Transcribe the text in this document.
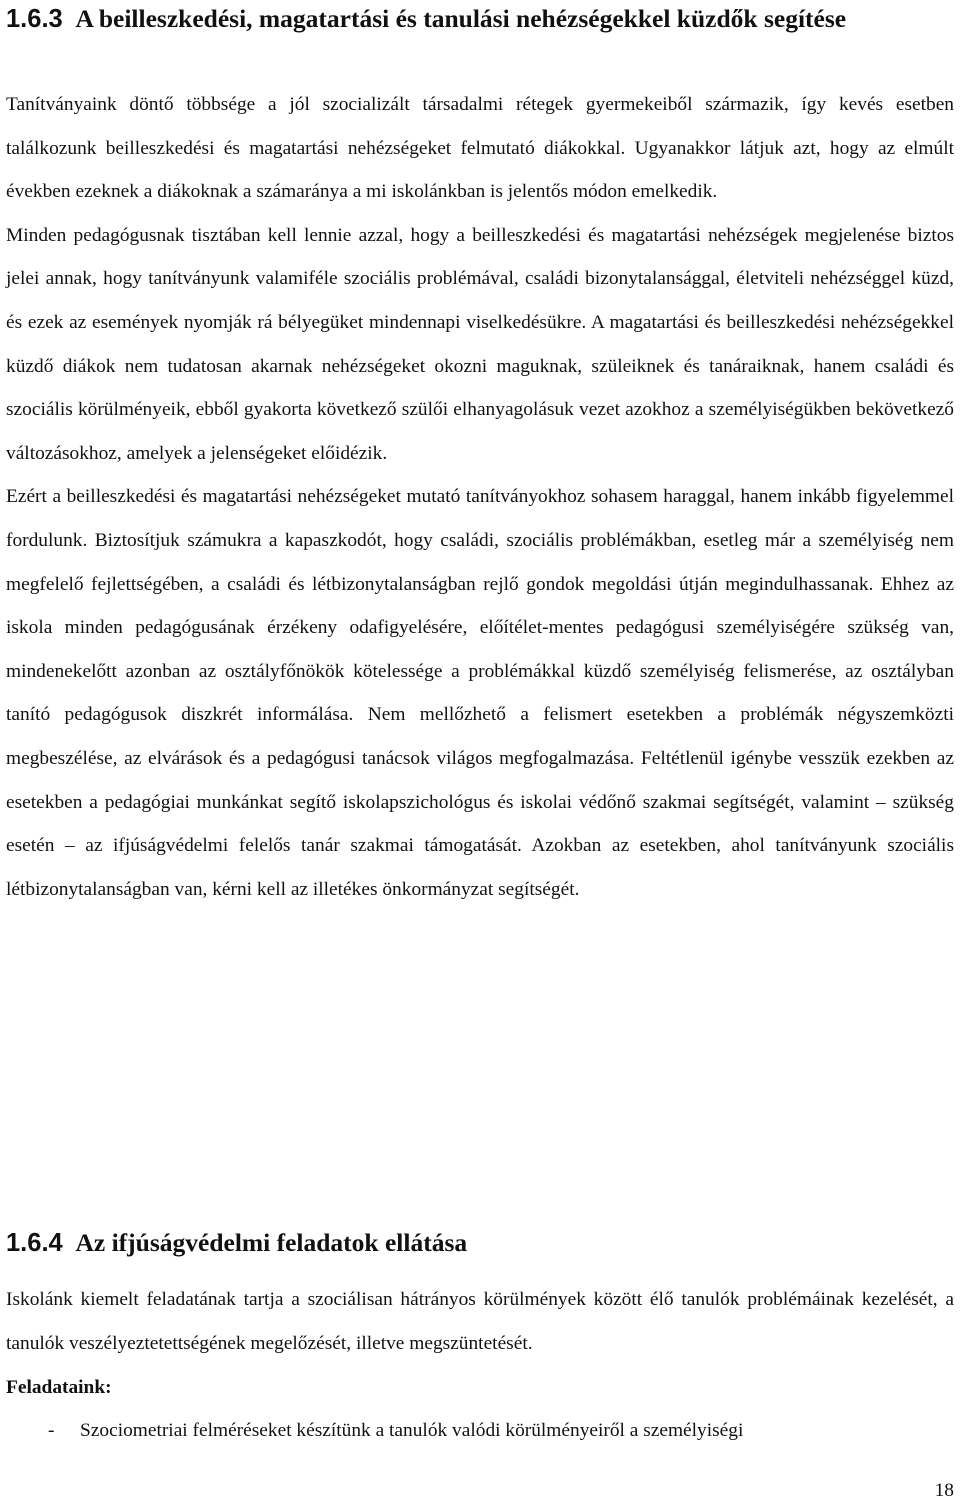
1.6.3 A beilleszkedési, magatartási és tanulási nehézségekkel küzdők segítése
Tanítványaink döntő többsége a jól szocializált társadalmi rétegek gyermekeiből származik, így kevés esetben találkozunk beilleszkedési és magatartási nehézségeket felmutató diákokkal. Ugyanakkor látjuk azt, hogy az elmúlt években ezeknek a diákoknak a számaránya a mi iskolánkban is jelentős módon emelkedik.
Minden pedagógusnak tisztában kell lennie azzal, hogy a beilleszkedési és magatartási nehézségek megjelenése biztos jelei annak, hogy tanítványunk valamiféle szociális problémával, családi bizonytalansággal, életviteli nehézséggel küzd, és ezek az események nyomják rá bélyegüket mindennapi viselkedésükre. A magatartási és beilleszkedési nehézségekkel küzdő diákok nem tudatosan akarnak nehézségeket okozni maguknak, szüleiknek és tanáraiknak, hanem családi és szociális körülményeik, ebből gyakorta következő szülői elhanyagolásuk vezet azokhoz a személyiségükben bekövetkező változásokhoz, amelyek a jelenségeket előidézik.
Ezért a beilleszkedési és magatartási nehézségeket mutató tanítványokhoz sohasem haraggal, hanem inkább figyelemmel fordulunk. Biztosítjuk számukra a kapaszkodót, hogy családi, szociális problémákban, esetleg már a személyiség nem megfelelő fejlettségében, a családi és létbizonytalanságban rejlő gondok megoldási útján megindulhassanak. Ehhez az iskola minden pedagógusának érzékeny odafigyelésére, előítélet-mentes pedagógusi személyiségére szükség van, mindenekelőtt azonban az osztályfőnökök kötelessége a problémákkal küzdő személyiség felismerése, az osztályban tanító pedagógusok diszkrét informálása. Nem mellőzhető a felismert esetekben a problémák négyszemközti megbeszélése, az elvárások és a pedagógusi tanácsok világos megfogalmazása. Feltétlenül igénybe vesszük ezekben az esetekben a pedagógiai munkánkat segítő iskolapszichológus és iskolai védőnő szakmai segítségét, valamint – szükség esetén – az ifjúságvédelmi felelős tanár szakmai támogatását. Azokban az esetekben, ahol tanítványunk szociális létbizonytalanságban van, kérni kell az illetékes önkormányzat segítségét.
1.6.4 Az ifjúságvédelmi feladatok ellátása

Iskolánk kiemelt feladatának tartja a szociálisan hátrányos körülmények között élő tanulók problémáinak kezelését, a tanulók veszélyeztetettségének megelőzését, illetve megszüntetését.

Feladataink:

-	Szociometriai felméréseket készítünk a tanulók valódi körülményeiről a személyiségi

18
